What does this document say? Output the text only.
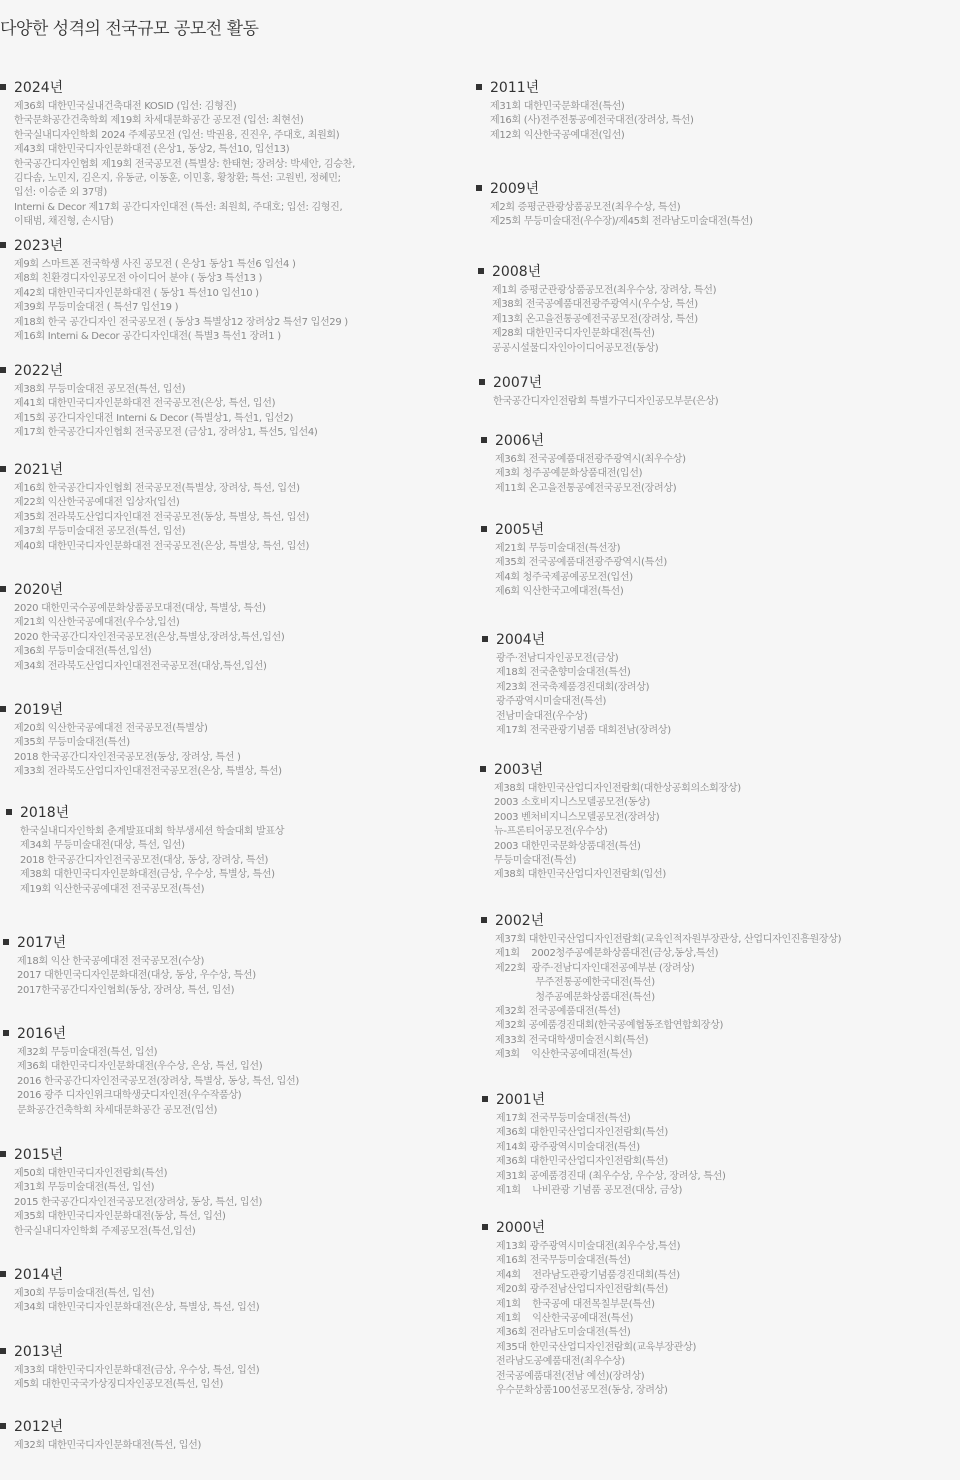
다양한 성격의 전국규모 공모전 활동
2024년
제36회 대한민국실내건축대전 KOSID (입선: 김형진)
한국문화공간건축학회 제19회 차세대문화공간 공모전 (입선: 최현선)
한국실내디자인학회 2024 주제공모전 (입선: 박권용, 진진우, 주대호, 최원회)
제43회 대한민국디자인문화대전 (은상1, 동상2, 특선10, 입선13)
한국공간디자인협회 제19회 전국공모전 (특별상: 한태현; 장려상: 박세안, 김승찬,
김다솜, 노민지, 김은지, 유동균, 이동훈, 이민홍, 황창환; 특선: 고원빈, 정혜민;
입선: 이승준 외 37명)
Interni & Decor 제17회 공간디자인대전 (특선: 최원희, 주대호; 입선: 김형진,
이태범, 채진형, 손시담)
2023년
제9회 스마트폰 전국학생 사진 공모전 ( 은상1 동상1 특선6 입선4 )
제8회 친환경디자인공모전 아이디어 분야 ( 동상3 특선13 )
제42회 대한민국디자인문화대전 ( 동상1 특선10 입선10 )
제39회 무등미술대전 ( 특선7 입선19 )
제18회 한국 공간디자인 전국공모전 ( 동상3 특별상12 장려상2 특선7 입선29 )
제16회 Interni & Decor 공간디자인대전( 특별3 특선1 장려1 )
2022년
제38회 무등미술대전 공모전(특선, 입선)
제41회 대한민국디자인문화대전 전국공모전(은상, 특선, 입선)
제15회 공간디자인대전 Interni & Decor (특별상1, 특선1, 입선2)
제17회 한국공간디자인협회 전국공모전 (금상1, 장려상1, 특선5, 입선4)
2021년
제16회 한국공간디자인협회 전국공모전(특별상, 장려상, 특선, 입선)
제22회 익산한국공예대전 입상자(입선)
제35회 전라북도산업디자인대전 전국공모전(동상, 특별상, 특선, 입선)
제37회 무등미술대전 공모전(특선, 입선)
제40회 대한민국디자인문화대전 전국공모전(은상, 특별상, 특선, 입선)
2020년
2020 대한민국수공예문화상품공모대전(대상, 특별상, 특선)
제21회 익산한국공예대전(우수상,입선)
2020 한국공간디자인전국공모전(은상,특별상,장려상,특선,입선)
제36회 무등미술대전(특선,입선)
제34회 전라북도산업디자인대전전국공모전(대상,특선,입선)
2019년
제20회 익산한국공예대전 전국공모전(특별상)
제35회 무등미술대전(특선)
2018 한국공간디자인전국공모전(동상, 장려상, 특선 )
제33회 전라북도산업디자인대전전국공모전(은상, 특별상, 특선)
2018년
한국실내디자인학회 춘계발표대회 학부생세션 학술대회 발표상
제34회 무등미술대전(대상, 특선, 입선)
2018 한국공간디자인전국공모전(대상, 동상, 장려상, 특선)
제38회 대한민국디자인문화대전(금상, 우수상, 특별상, 특선)
제19회 익산한국공예대전 전국공모전(특선)
2017년
제18회 익산 한국공예대전 전국공모전(수상)
2017 대한민국디자인문화대전(대상, 동상, 우수상, 특선)
2017한국공간디자인협회(동상, 장려상, 특선, 입선)
2016년
제32회 무등미술대전(특선, 입선)
제36회 대한민국디자인문화대전(우수상, 은상, 특선, 입선)
2016 한국공간디자인전국공모전(장려상, 특별상, 동상, 특선, 입선)
2016 광주 디자인위크대학생굿디자인전(우수작품상)
문화공간건축학회 차세대문화공간 공모전(입선)
2015년
제50회 대한민국디자인전람회(특선)
제31회 무등미술대전(특선, 입선)
2015 한국공간디자인전국공모전(장려상, 동상, 특선, 입선)
제35회 대한민국디자인문화대전(동상, 특선, 입선)
한국실내디자인학회 주제공모전(특선,입선)
2014년
제30회 무등미술대전(특선, 입선)
제34회 대한민국디자인문화대전(은상, 특별상, 특선, 입선)
2013년
제33회 대한민국디자인문화대전(금상, 우수상, 특선, 입선)
제5회 대한민국국가상징디자인공모전(특선, 입선)
2012년
제32회 대한민국디자인문화대전(특선, 입선)
2011년
제31회 대한민국문화대전(특선)
제16회 (사)전주전통공예전국대전(장려상, 특선)
제12회 익산한국공예대전(입선)
2009년
제2회 증평군관광상품공모전(최우수상, 특선)
제25회 무등미술대전(우수장)/제45회 전라남도미술대전(특선)
2008년
제1회 증평군관광상품공모전(최우수상, 장려상, 특선)
제38회 전국공예품대전광주광역시(우수상, 특선)
제13회 온고을전통공예전국공모전(장려상, 특선)
제28회 대한민국디자인문화대전(특선)
공공시설물디자인아이디어공모전(동상)
2007년
한국공간디자인전람회 특별가구디자인공모부문(은상)
2006년
제36회 전국공예품대전광주광역시(최우수상)
제3회 청주공예문화상품대전(입선)
제11회 온고을전통공예전국공모전(장려상)
2005년
제21회 무등미술대전(특선장)
제35회 전국공예품대전광주광역시(특선)
제4회 청주국제공예공모전(입선)
제6회 익산한국고예대전(특선)
2004년
광주·전남디자인공모전(금상)
제18회 전국춘향미술대전(특선)
제23회 전국축제품경진대회(장려상)
광주광역시미술대전(특선)
전남미술대전(우수상)
제17회 전국관광기념품 대회전남(장려상)
2003년
제38회 대한민국산업디자인전람회(대한상공회의소회장상)
2003 소호비지니스모델공모전(동상)
2003 벤처비지니스모델공모전(장려상)
뉴-프론티어공모전(우수상)
2003 대한민국문화상품대전(특선)
무등미술대전(특선)
제38회 대한민국산업디자인전람회(입선)
2002년
제37회 대한민국산업디자인전람회(교육인적자원부장관상, 산업디자인진흥원장상)
제1회    2002청주공예문화상품대전(금상,동상,특선)
제22회  광주·전남디자인대전공예부분 (장려상)
무주전통공예한국대전(특선)
청주공예문화상품대전(특선)
제32회 전국공예품대전(특선)
제32회 공예품경진대회(한국공예협동조합연합회장상)
제33회 전국대학생미술전시회(특선)
제3회    익산한국공예대전(특선)
2001년
제17회 전국무등미술대전(특선)
제36회 대한민국산업디자인전람회(특선)
제14회 광주광역시미술대전(특선)
제36회 대한민국산업디자인전람회(특선)
제31회 공예품경진대 (최우수상, 우수상, 장려상, 특선)
제1회    나비관광 기념품 공모전(대상, 금상)
2000년
제13회 광주광역시미술대전(최우수상,특선)
제16회 전국무등미술대전(특선)
제4회    전라남도관광기념품경진대회(특선)
제20회 광주전남산업디자인전람회(특선)
제1회    한국공예 대전목칠부문(특선)
제1회    익산한국공예대전(특선)
제36회 전라남도미술대전(특선)
제35대 한민국산업디자인전람회(교육부장관상)
전라남도공예품대전(최우수상)
전국공예품대전(전남 예선)(장려상)
우수문화상품100선공모전(동상, 장려상)
